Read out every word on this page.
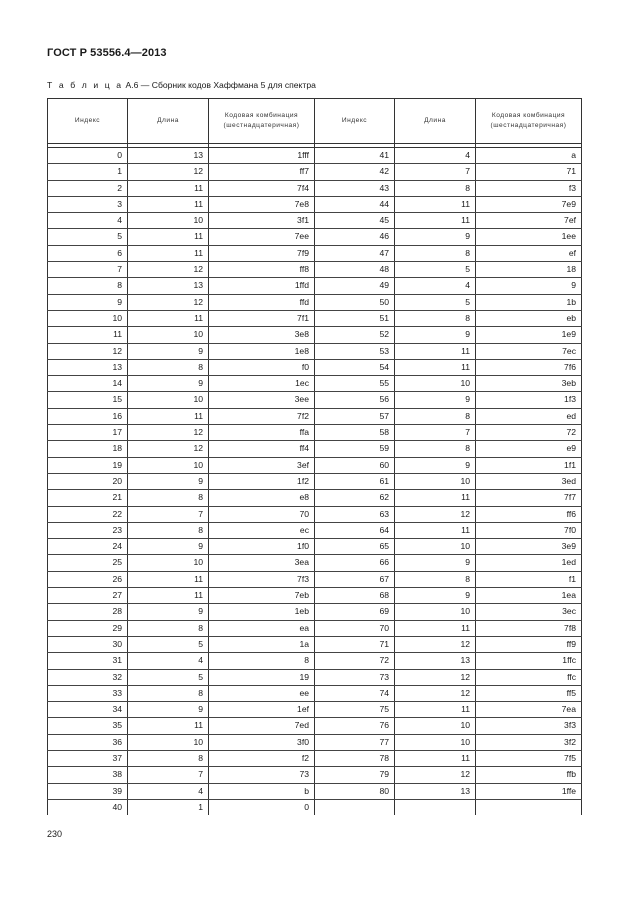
ГОСТ Р 53556.4—2013
Т а б л и ц а А.6 — Сборник кодов Хаффмана 5 для спектра
Индекс	Длина	Кодовая комбинация (шестнадцатеричная)	Индекс	Длина	Кодовая комбинация (шестнадцатеричная)

0	13	1fff	41	4	a
1	12	ff7	42	7	71
2	11	7f4	43	8	f3
3	11	7e8	44	11	7e9
4	10	3f1	45	11	7ef
5	11	7ee	46	9	1ee
6	11	7f9	47	8	ef
7	12	ff8	48	5	18
8	13	1ffd	49	4	9
9	12	ffd	50	5	1b
10	11	7f1	51	8	eb
11	10	3e8	52	9	1e9
12	9	1e8	53	11	7ec
13	8	f0	54	11	7f6
14	9	1ec	55	10	3eb
15	10	3ee	56	9	1f3
16	11	7f2	57	8	ed
17	12	ffa	58	7	72
18	12	ff4	59	8	e9
19	10	3ef	60	9	1f1
20	9	1f2	61	10	3ed
21	8	e8	62	11	7f7
22	7	70	63	12	ff6
23	8	ec	64	11	7f0
24	9	1f0	65	10	3e9
25	10	3ea	66	9	1ed
26	11	7f3	67	8	f1
27	11	7eb	68	9	1ea
28	9	1eb	69	10	3ec
29	8	ea	70	11	7f8
30	5	1a	71	12	ff9
31	4	8	72	13	1ffc
32	5	19	73	12	ffc
33	8	ee	74	12	ff5
34	9	1ef	75	11	7ea
35	11	7ed	76	10	3f3
36	10	3f0	77	10	3f2
37	8	f2	78	11	7f5
38	7	73	79	12	ffb
39	4	b	80	13	1ffe
40	1	0			
230
